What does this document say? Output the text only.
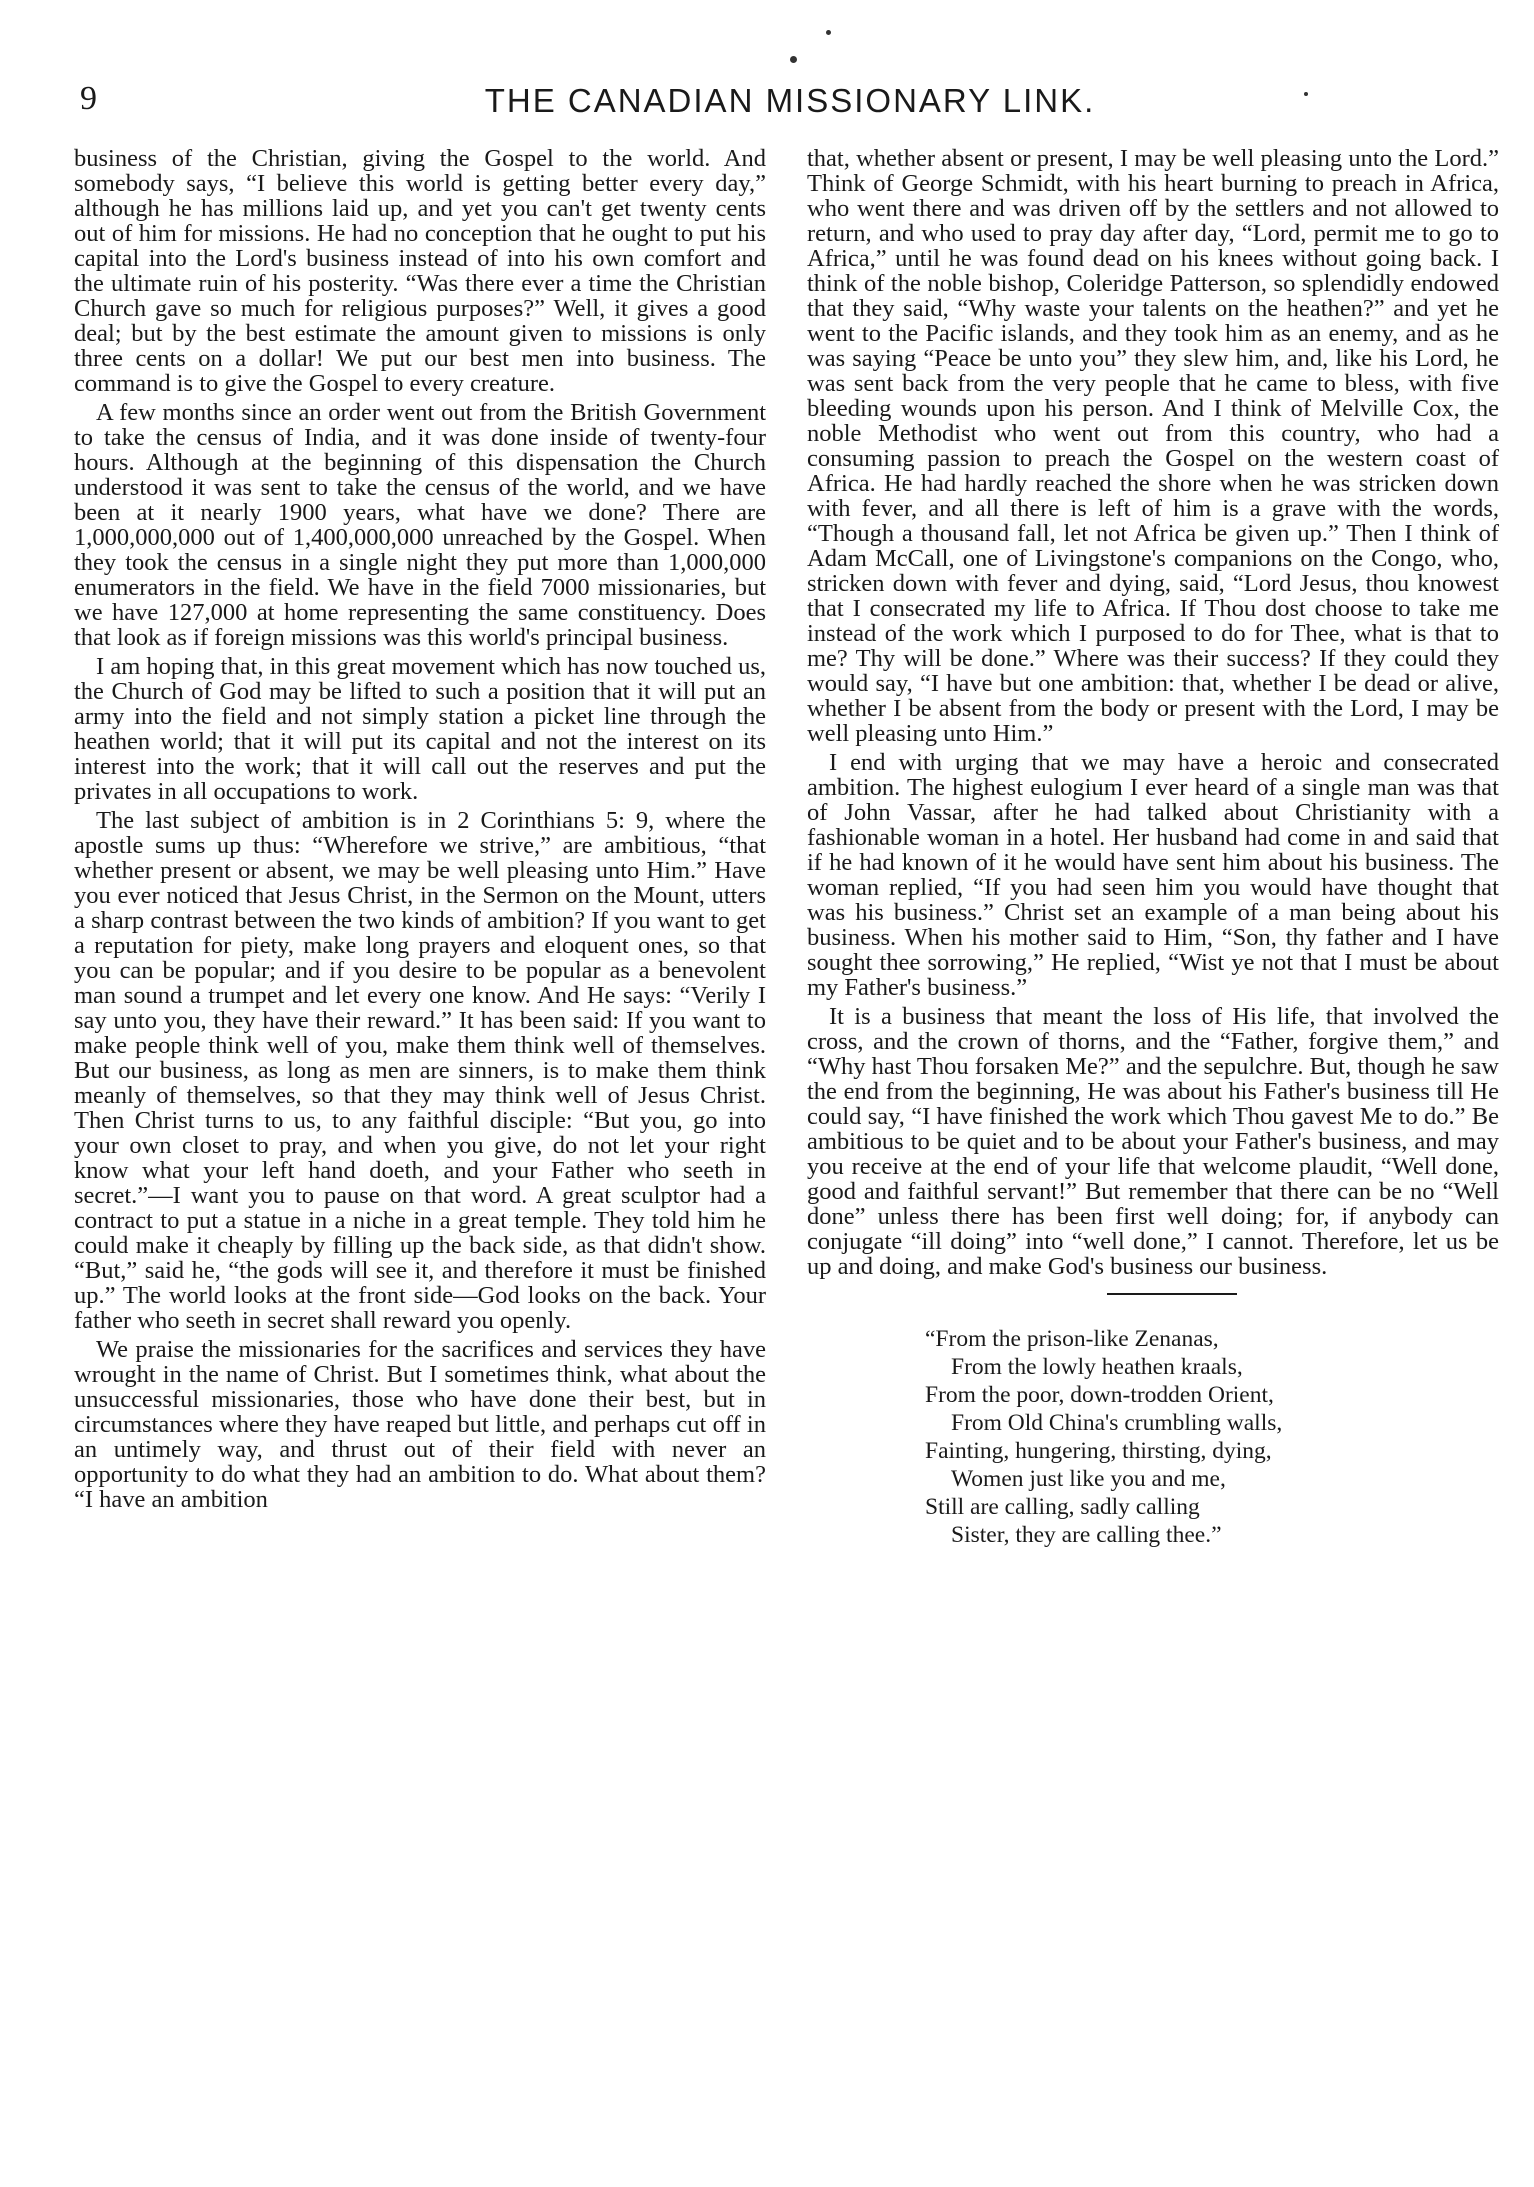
9	THE CANADIAN MISSIONARY LINK.

business of the Christian, giving the Gospel to the world. And somebody says, “I believe this world is getting better every day,” although he has millions laid up, and yet you can't get twenty cents out of him for missions. He had no conception that he ought to put his capital into the Lord's business instead of into his own comfort and the ultimate ruin of his posterity. “Was there ever a time the Christian Church gave so much for religious purposes?” Well, it gives a good deal; but by the best estimate the amount given to missions is only three cents on a dollar! We put our best men into business. The command is to give the Gospel to every creature.

A few months since an order went out from the British Government to take the census of India, and it was done inside of twenty-four hours. Although at the beginning of this dispensation the Church understood it was sent to take the census of the world, and we have been at it nearly 1900 years, what have we done? There are 1,000,000,000 out of 1,400,000,000 unreached by the Gospel. When they took the census in a single night they put more than 1,000,000 enumerators in the field. We have in the field 7000 missionaries, but we have 127,000 at home representing the same constituency. Does that look as if foreign missions was this world's principal business.

I am hoping that, in this great movement which has now touched us, the Church of God may be lifted to such a position that it will put an army into the field and not simply station a picket line through the heathen world; that it will put its capital and not the interest on its interest into the work; that it will call out the reserves and put the privates in all occupations to work.

The last subject of ambition is in 2 Corinthians 5: 9, where the apostle sums up thus: “Wherefore we strive,” are ambitious, “that whether present or absent, we may be well pleasing unto Him.” Have you ever noticed that Jesus Christ, in the Sermon on the Mount, utters a sharp contrast between the two kinds of ambition? If you want to get a reputation for piety, make long prayers and eloquent ones, so that you can be popular; and if you desire to be popular as a benevolent man sound a trumpet and let every one know. And He says: “Verily I say unto you, they have their reward.” It has been said: If you want to make people think well of you, make them think well of themselves. But our business, as long as men are sinners, is to make them think meanly of themselves, so that they may think well of Jesus Christ. Then Christ turns to us, to any faithful disciple: “But you, go into your own closet to pray, and when you give, do not let your right know what your left hand doeth, and your Father who seeth in secret.”—I want you to pause on that word. A great sculptor had a contract to put a statue in a niche in a great temple. They told him he could make it cheaply by filling up the back side, as that didn't show. “But,” said he, “the gods will see it, and therefore it must be finished up.” The world looks at the front side—God looks on the back. Your father who seeth in secret shall reward you openly.

We praise the missionaries for the sacrifices and services they have wrought in the name of Christ. But I sometimes think, what about the unsuccessful missionaries, those who have done their best, but in circumstances where they have reaped but little, and perhaps cut off in an untimely way, and thrust out of their field with never an opportunity to do what they had an ambition to do. What about them? “I have an ambition

that, whether absent or present, I may be well pleasing unto the Lord.” Think of George Schmidt, with his heart burning to preach in Africa, who went there and was driven off by the settlers and not allowed to return, and who used to pray day after day, “Lord, permit me to go to Africa,” until he was found dead on his knees without going back. I think of the noble bishop, Coleridge Patterson, so splendidly endowed that they said, “Why waste your talents on the heathen?” and yet he went to the Pacific islands, and they took him as an enemy, and as he was saying “Peace be unto you” they slew him, and, like his Lord, he was sent back from the very people that he came to bless, with five bleeding wounds upon his person. And I think of Melville Cox, the noble Methodist who went out from this country, who had a consuming passion to preach the Gospel on the western coast of Africa. He had hardly reached the shore when he was stricken down with fever, and all there is left of him is a grave with the words, “Though a thousand fall, let not Africa be given up.” Then I think of Adam McCall, one of Livingstone's companions on the Congo, who, stricken down with fever and dying, said, “Lord Jesus, thou knowest that I consecrated my life to Africa. If Thou dost choose to take me instead of the work which I purposed to do for Thee, what is that to me? Thy will be done.” Where was their success? If they could they would say, “I have but one ambition: that, whether I be dead or alive, whether I be absent from the body or present with the Lord, I may be well pleasing unto Him.”

I end with urging that we may have a heroic and consecrated ambition. The highest eulogium I ever heard of a single man was that of John Vassar, after he had talked about Christianity with a fashionable woman in a hotel. Her husband had come in and said that if he had known of it he would have sent him about his business. The woman replied, “If you had seen him you would have thought that was his business.” Christ set an example of a man being about his business. When his mother said to Him, “Son, thy father and I have sought thee sorrowing,” He replied, “Wist ye not that I must be about my Father's business.”

It is a business that meant the loss of His life, that involved the cross, and the crown of thorns, and the “Father, forgive them,” and “Why hast Thou forsaken Me?” and the sepulchre. But, though he saw the end from the beginning, He was about his Father's business till He could say, “I have finished the work which Thou gavest Me to do.” Be ambitious to be quiet and to be about your Father's business, and may you receive at the end of your life that welcome plaudit, “Well done, good and faithful servant!” But remember that there can be no “Well done” unless there has been first well doing; for, if anybody can conjugate “ill doing” into “well done,” I cannot. Therefore, let us be up and doing, and make God's business our business.

“From the prison-like Zenanas,
From the lowly heathen kraals,
From the poor, down-trodden Orient,
From Old China's crumbling walls,
Fainting, hungering, thirsting, dying,
Women just like you and me,
Still are calling, sadly calling
Sister, they are calling thee.”
